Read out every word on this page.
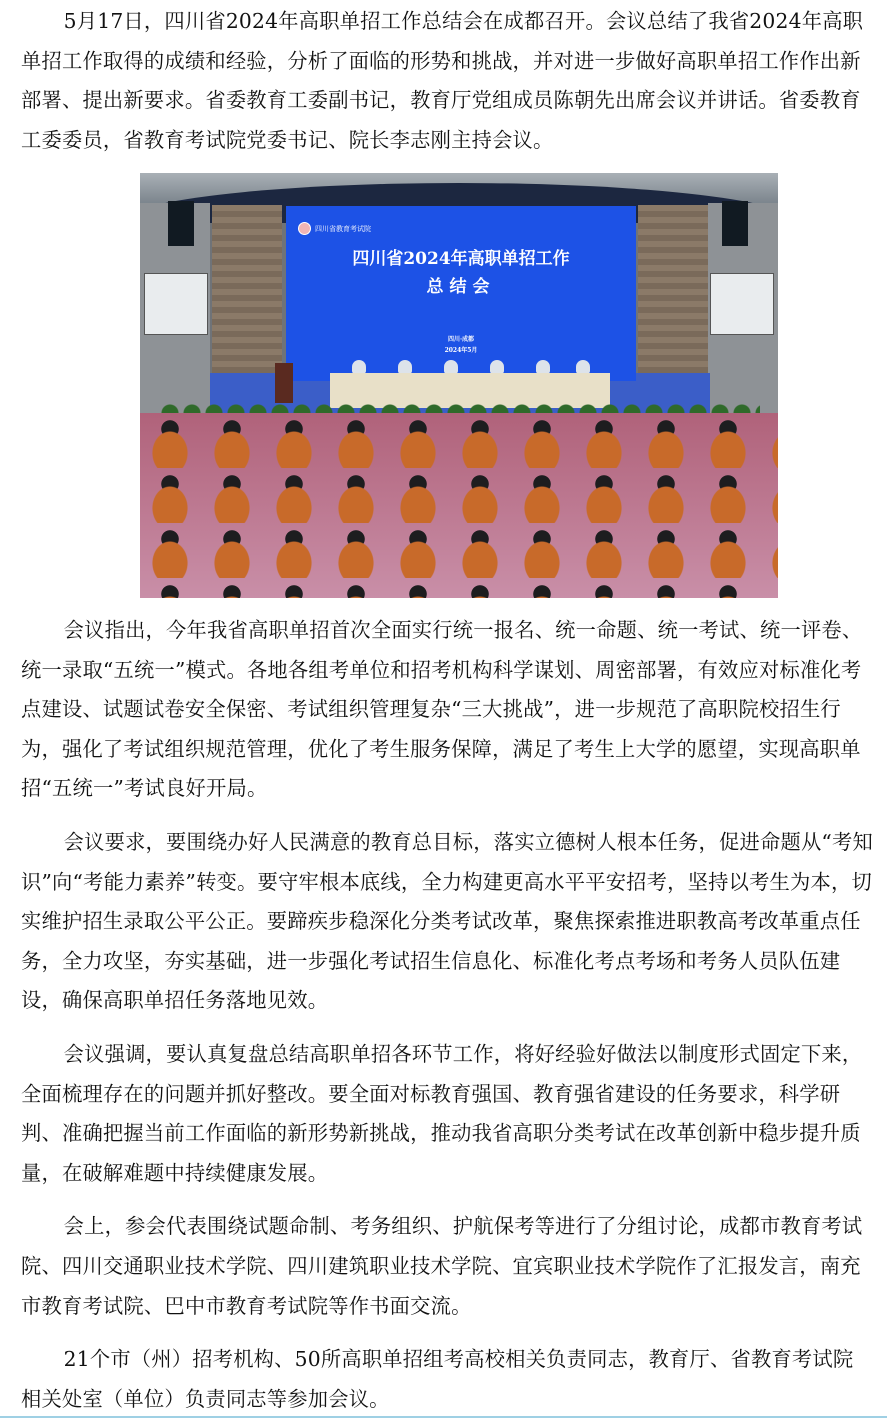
5月17日，四川省2024年高职单招工作总结会在成都召开。会议总结了我省2024年高职单招工作取得的成绩和经验，分析了面临的形势和挑战，并对进一步做好高职单招工作作出新部署、提出新要求。省委教育工委副书记，教育厅党组成员陈朝先出席会议并讲话。省委教育工委委员，省教育考试院党委书记、院长李志刚主持会议。

会议指出，今年我省高职单招首次全面实行统一报名、统一命题、统一考试、统一评卷、统一录取“五统一”模式。各地各组考单位和招考机构科学谋划、周密部署，有效应对标准化考点建设、试题试卷安全保密、考试组织管理复杂“三大挑战”，进一步规范了高职院校招生行为，强化了考试组织规范管理，优化了考生服务保障，满足了考生上大学的愿望，实现高职单招“五统一”考试良好开局。

会议要求，要围绕办好人民满意的教育总目标，落实立德树人根本任务，促进命题从“考知识”向“考能力素养”转变。要守牢根本底线，全力构建更高水平平安招考，坚持以考生为本，切实维护招生录取公平公正。要蹄疾步稳深化分类考试改革，聚焦探索推进职教高考改革重点任务，全力攻坚，夯实基础，进一步强化考试招生信息化、标准化考点考场和考务人员队伍建设，确保高职单招任务落地见效。

会议强调，要认真复盘总结高职单招各环节工作，将好经验好做法以制度形式固定下来，全面梳理存在的问题并抓好整改。要全面对标教育强国、教育强省建设的任务要求，科学研判、准确把握当前工作面临的新形势新挑战，推动我省高职分类考试在改革创新中稳步提升质量，在破解难题中持续健康发展。

会上，参会代表围绕试题命制、考务组织、护航保考等进行了分组讨论，成都市教育考试院、四川交通职业技术学院、四川建筑职业技术学院、宜宾职业技术学院作了汇报发言，南充市教育考试院、巴中市教育考试院等作书面交流。

21个市（州）招考机构、50所高职单招组考高校相关负责同志，教育厅、省教育考试院相关处室（单位）负责同志等参加会议。

四川省教育考试院
四川省2024年高职单招工作
总结会
四川·成都
2024年5月
